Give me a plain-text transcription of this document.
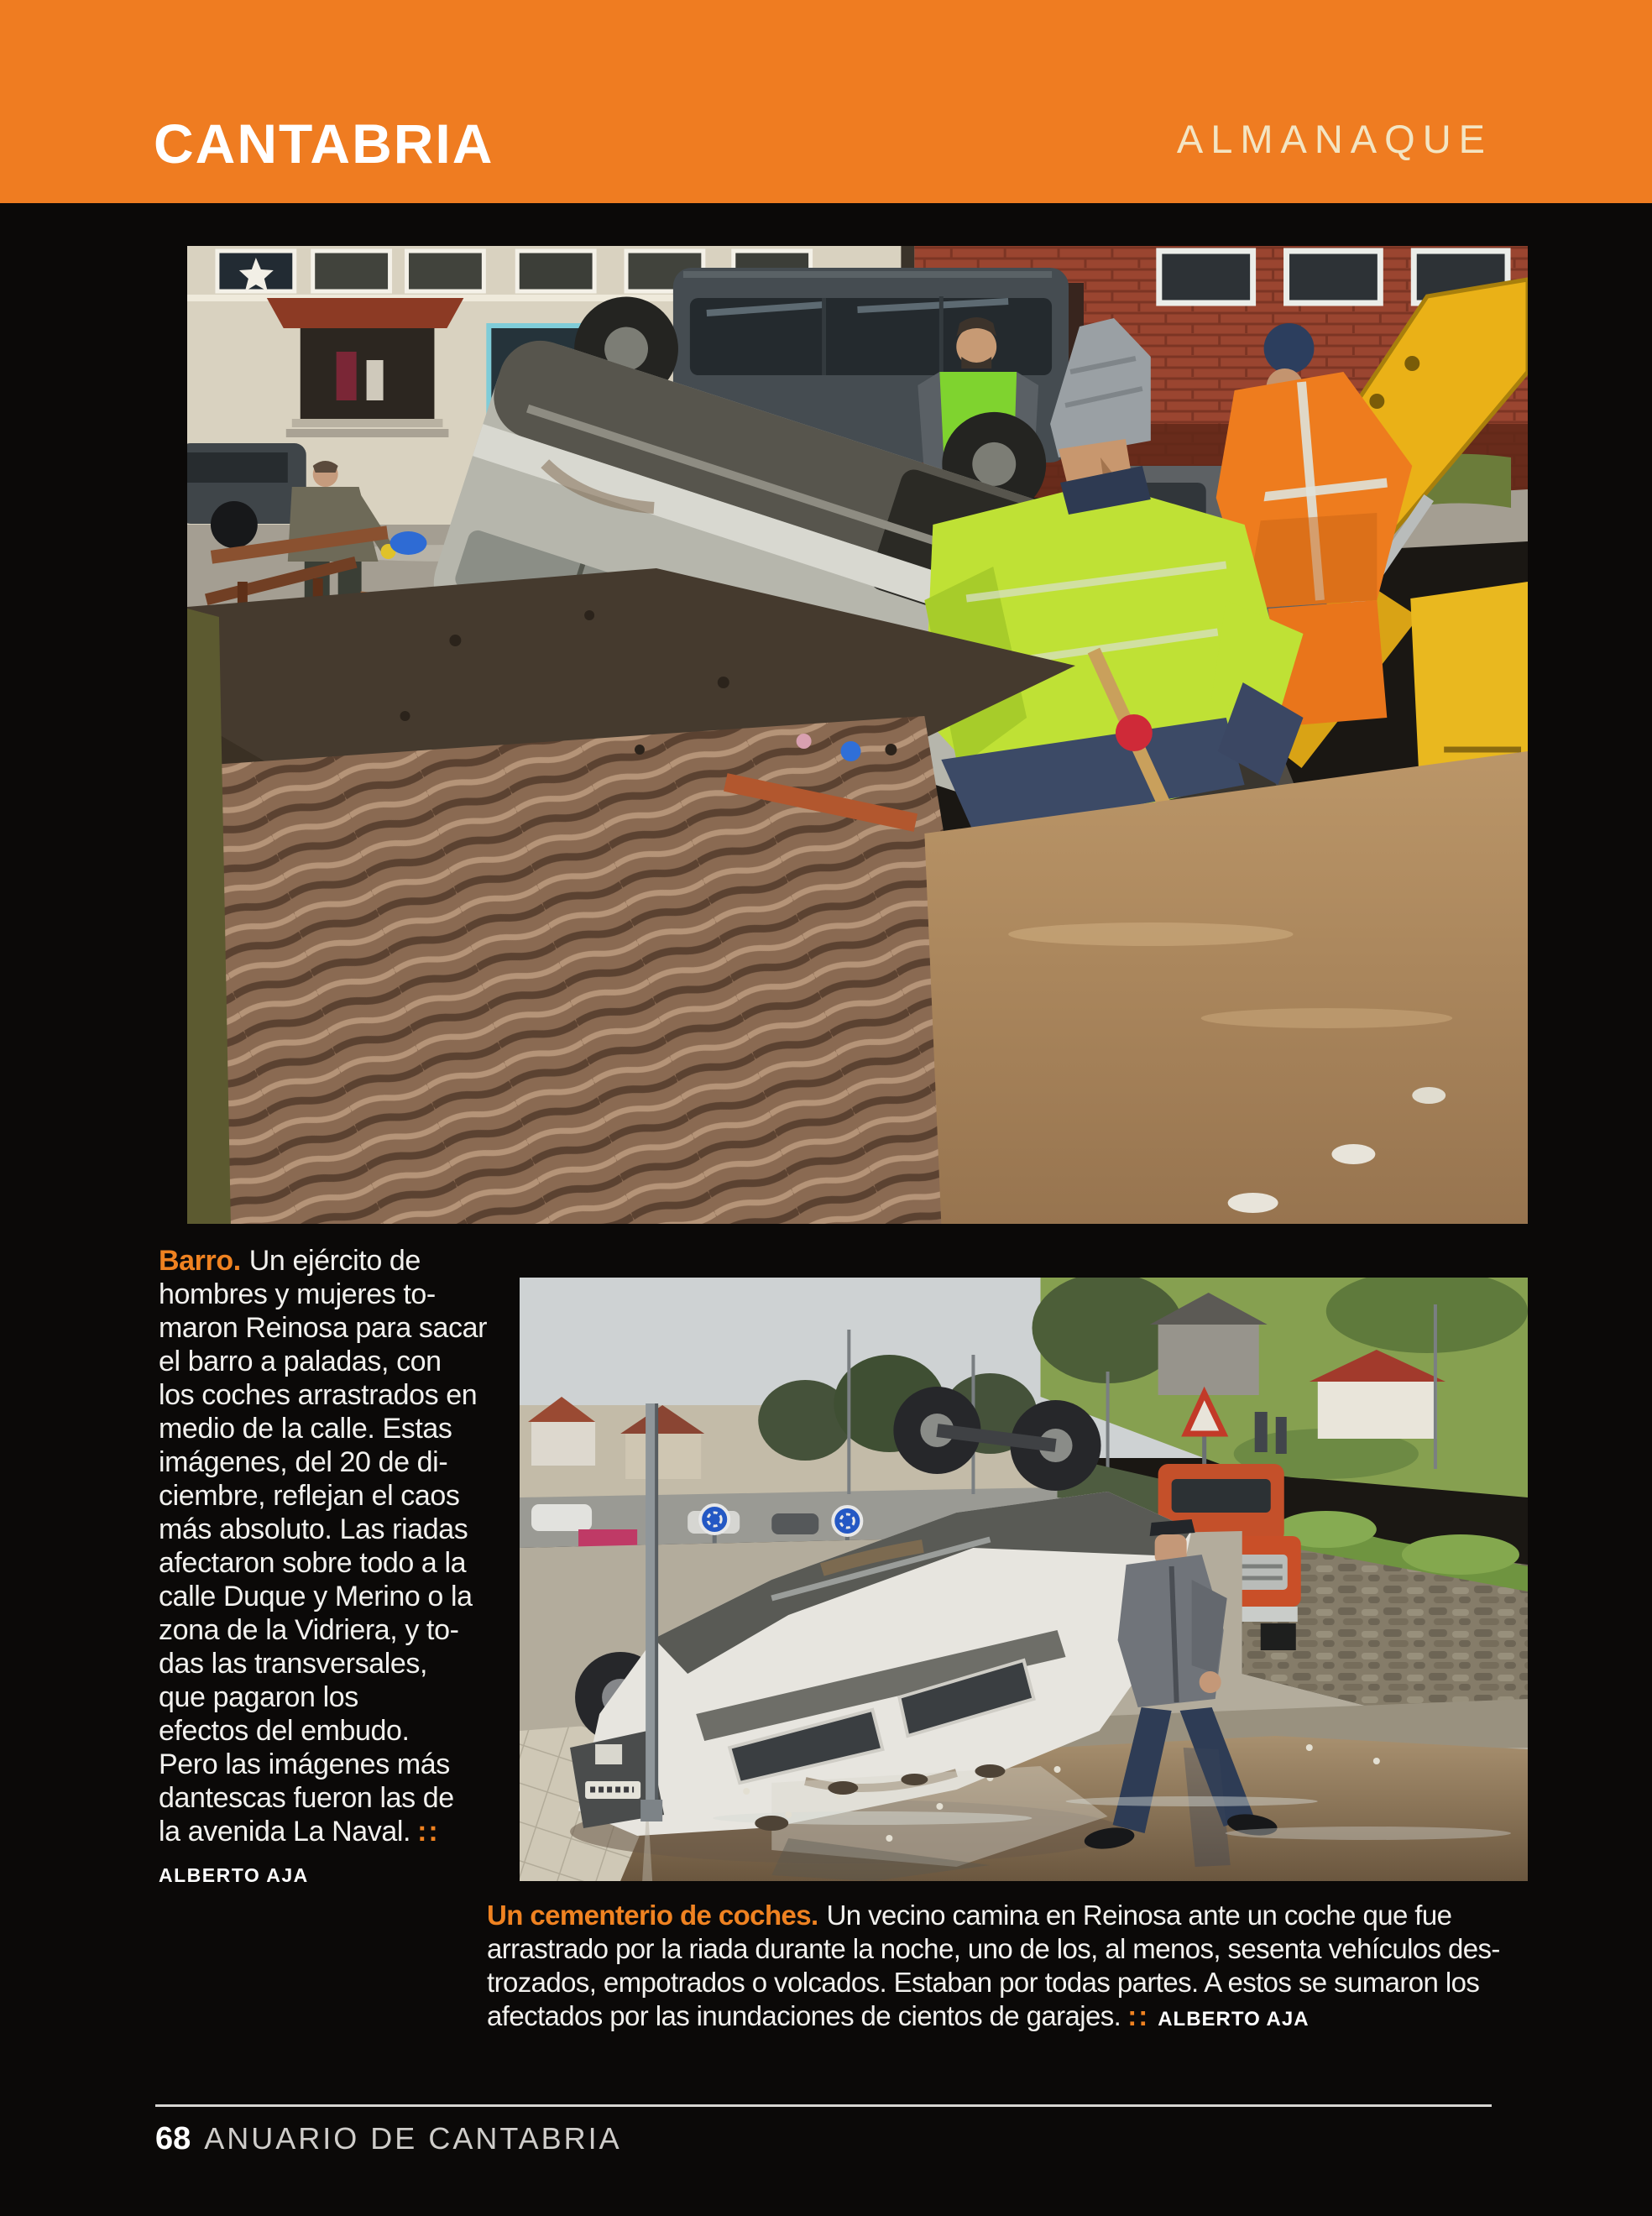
CANTABRIA	ALMANAQUE

Barro. Un ejército de

hombres y mujeres to-

maron Reinosa para sacar

el barro a paladas, con

los coches arrastrados en

medio de la calle. Estas

imágenes, del 20 de di-

ciembre, reflejan el caos

más absoluto. Las riadas

afectaron sobre todo a la

calle Duque y Merino o la

zona de la Vidriera, y to-

das las transversales,

que pagaron los

efectos del embudo.

Pero las imágenes más

dantescas fueron las de

la avenida La Naval. ::

ALBERTO AJA

Un cementerio de coches. Un vecino camina en Reinosa ante un coche que fue

arrastrado por la riada durante la noche, uno de los, al menos, sesenta vehículos des-

trozados, empotrados o volcados. Estaban por todas partes. A estos se sumaron los

afectados por las inundaciones de cientos de garajes. :: ALBERTO AJA

68 ANUARIO DE CANTABRIA
